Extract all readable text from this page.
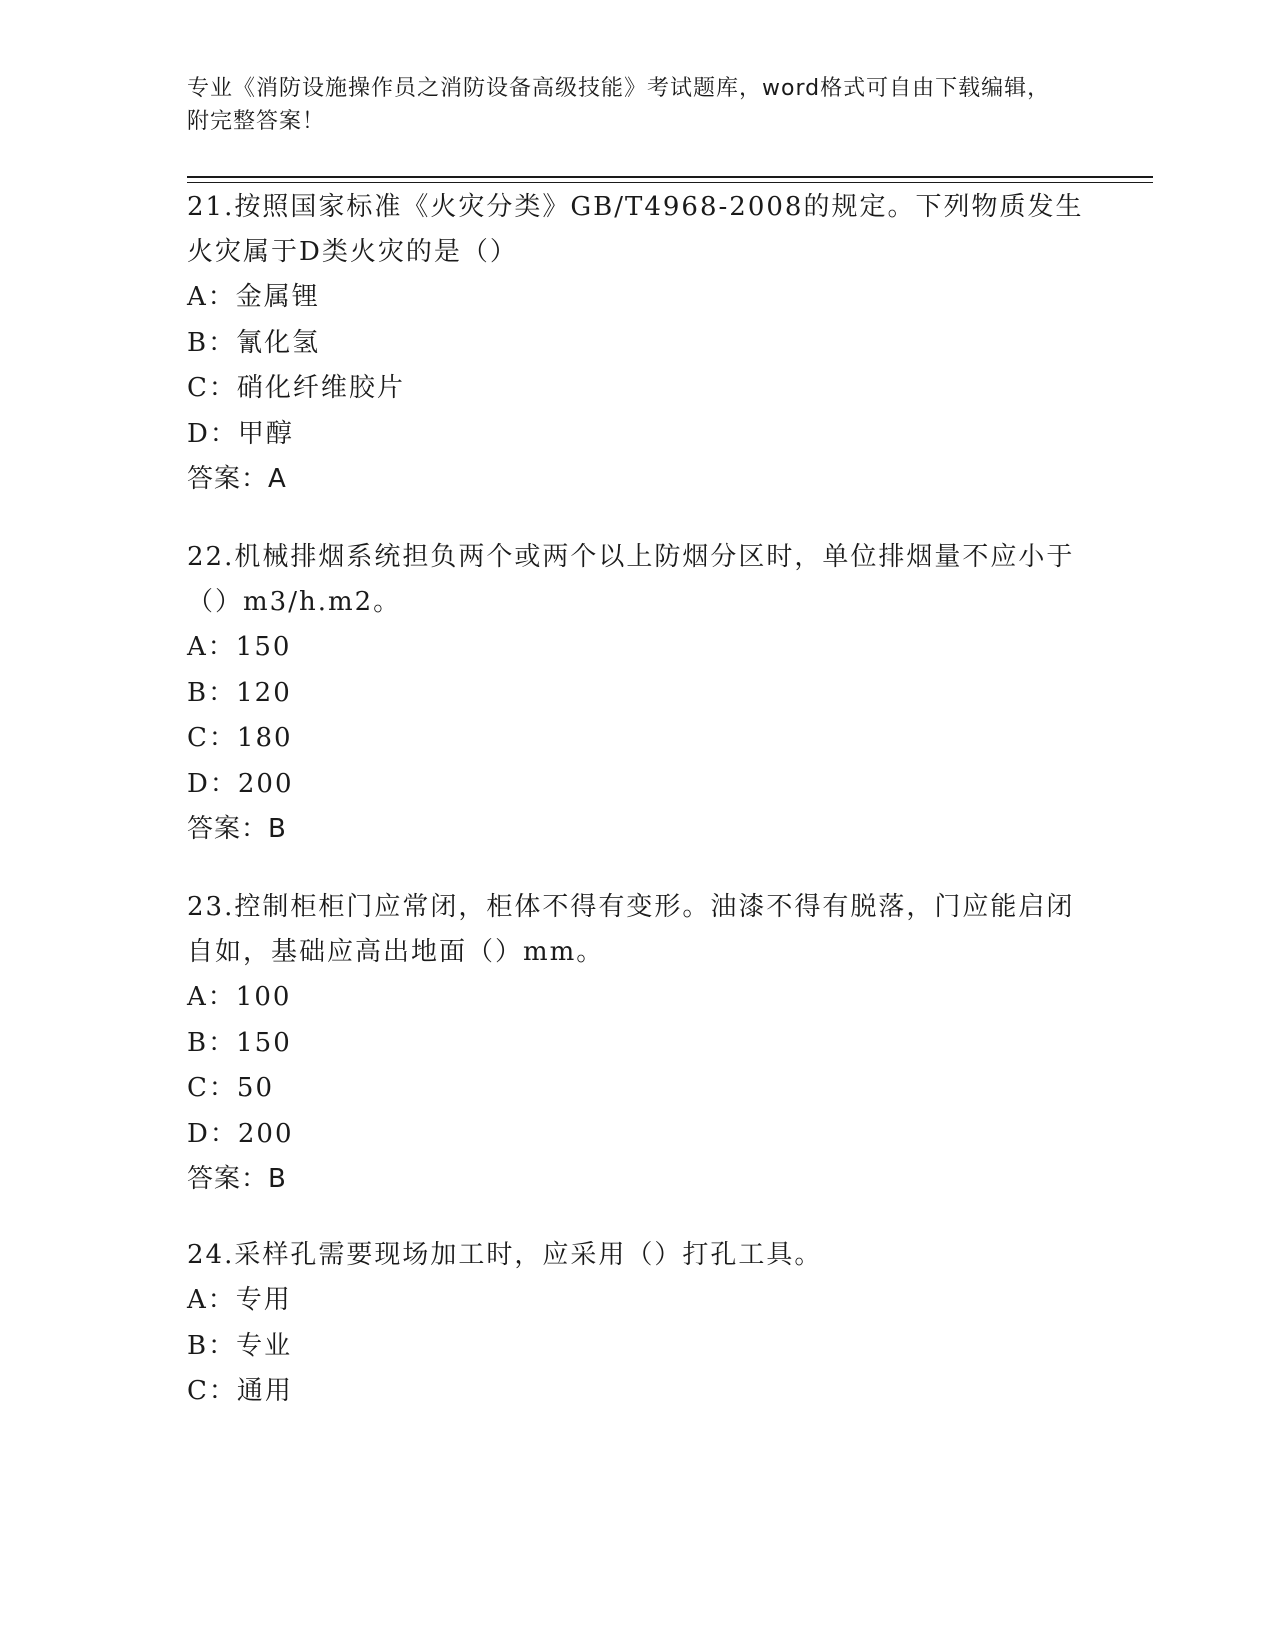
专业《消防设施操作员之消防设备高级技能》考试题库，word格式可自由下载编辑，附完整答案！

21.按照国家标准《火灾分类》GB/T4968-2008的规定。下列物质发生火灾属于D类火灾的是（）

A：金属锂

B：氰化氢

C：硝化纤维胶片

D：甲醇

答案：A

22.机械排烟系统担负两个或两个以上防烟分区时，单位排烟量不应小于（）m3/h.m2。

A：150

B：120

C：180

D：200

答案：B

23.控制柜柜门应常闭，柜体不得有变形。油漆不得有脱落，门应能启闭自如，基础应高出地面（）mm。

A：100

B：150

C：50

D：200

答案：B

24.采样孔需要现场加工时，应采用（）打孔工具。

A：专用

B：专业

C：通用
